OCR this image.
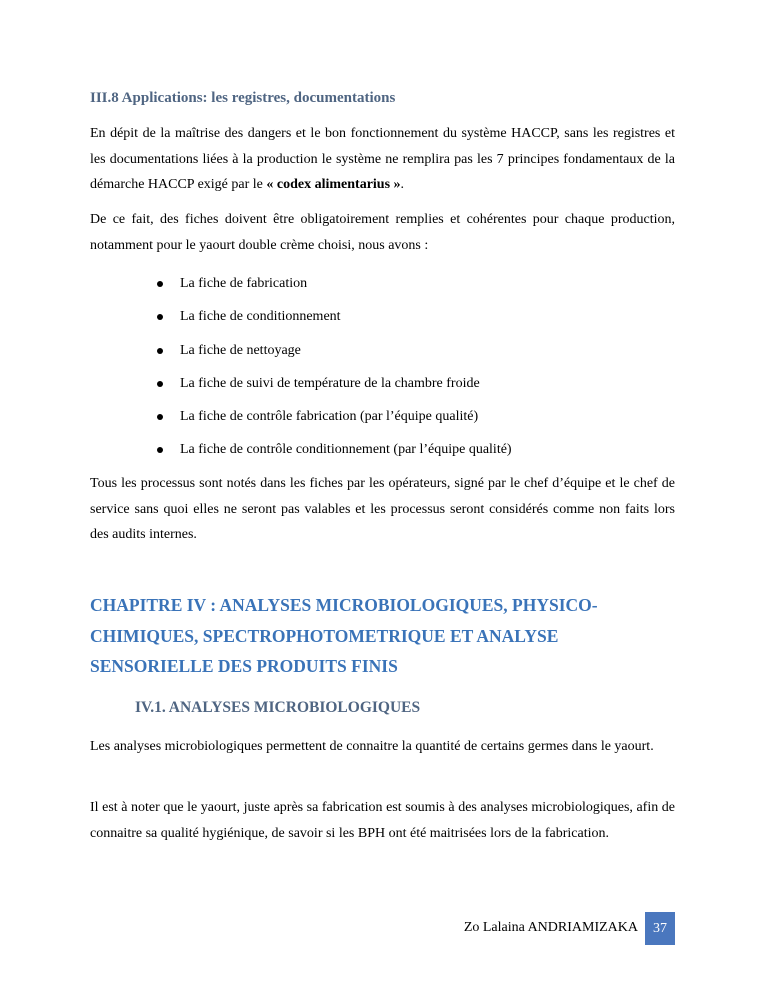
III.8 Applications: les registres, documentations

En dépit de la maîtrise des dangers et le bon fonctionnement du système HACCP, sans les registres et les documentations liées à la production le système ne remplira pas les 7 principes fondamentaux de la démarche HACCP exigé par le « codex alimentarius ».

De ce fait, des fiches doivent être obligatoirement remplies et cohérentes pour chaque production, notamment pour le yaourt double crème choisi, nous avons :

La fiche de fabrication
La fiche de conditionnement
La fiche de nettoyage
La fiche de suivi de température de la chambre froide
La fiche de contrôle fabrication (par l’équipe qualité)
La fiche de contrôle conditionnement (par l’équipe qualité)

Tous les processus sont notés dans les fiches par les opérateurs, signé par le chef d’équipe et le chef de service sans quoi elles ne seront pas valables et les processus seront considérés comme non faits lors des audits internes.

CHAPITRE IV : ANALYSES MICROBIOLOGIQUES, PHYSICO-
CHIMIQUES, SPECTROPHOTOMETRIQUE ET ANALYSE
SENSORIELLE DES PRODUITS FINIS
IV.1. ANALYSES MICROBIOLOGIQUES

Les analyses microbiologiques permettent de connaitre la quantité de certains germes dans le yaourt.

Il est à noter que le yaourt, juste après sa fabrication est soumis à des analyses microbiologiques, afin de connaitre sa qualité hygiénique, de savoir si les BPH ont été maitrisées lors de la fabrication.

Zo Lalaina ANDRIAMIZAKA	37
